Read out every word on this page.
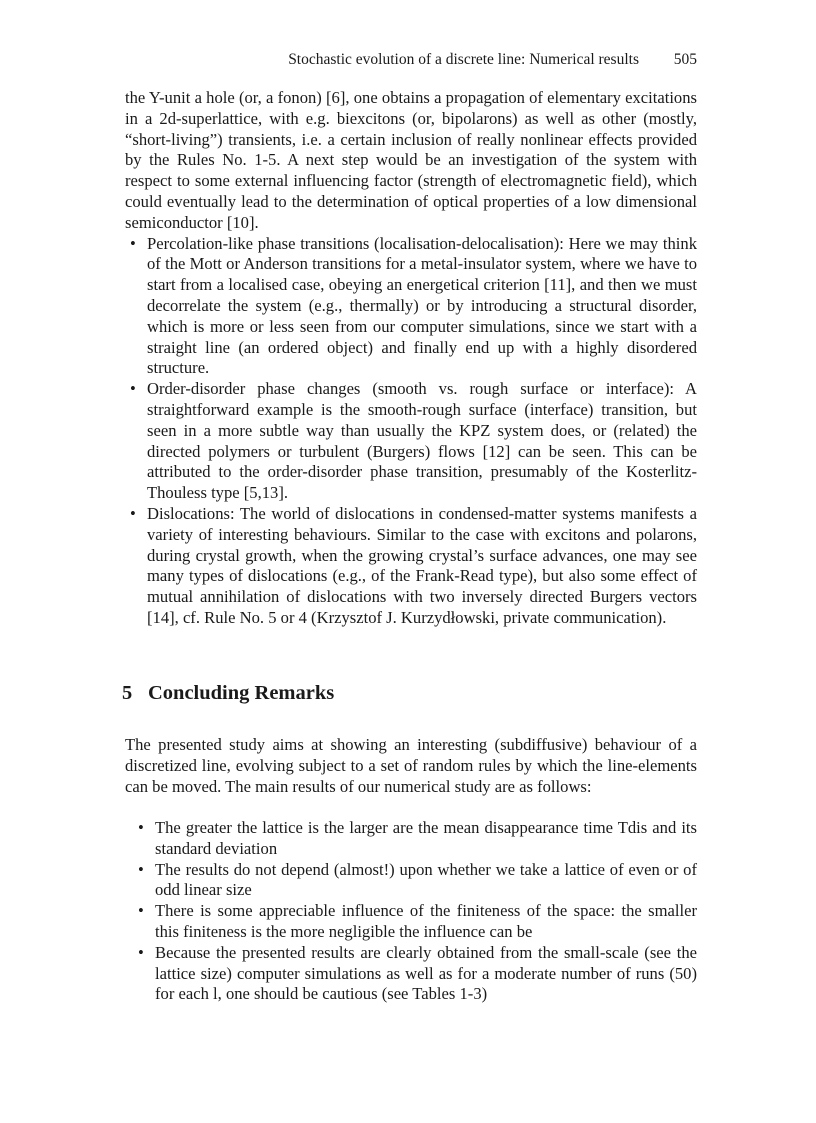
Stochastic evolution of a discrete line: Numerical results 505

the Y-unit a hole (or, a fonon) [6], one obtains a propagation of elementary excitations in a 2d-superlattice, with e.g. biexcitons (or, bipolarons) as well as other (mostly, “short-living”) transients, i.e. a certain inclusion of really nonlinear effects provided by the Rules No. 1-5. A next step would be an investigation of the system with respect to some external influencing factor (strength of electromagnetic field), which could eventually lead to the determination of optical properties of a low dimensional semiconductor [10].

• Percolation-like phase transitions (localisation-delocalisation): Here we may think of the Mott or Anderson transitions for a metal-insulator system, where we have to start from a localised case, obeying an energetical criterion [11], and then we must decorrelate the system (e.g., thermally) or by introducing a structural disorder, which is more or less seen from our computer simulations, since we start with a straight line (an ordered object) and finally end up with a highly disordered structure.
• Order-disorder phase changes (smooth vs. rough surface or interface): A straightforward example is the smooth-rough surface (interface) transition, but seen in a more subtle way than usually the KPZ system does, or (related) the directed polymers or turbulent (Burgers) flows [12] can be seen. This can be attributed to the order-disorder phase transition, presumably of the Kosterlitz-Thouless type [5,13].
• Dislocations: The world of dislocations in condensed-matter systems manifests a variety of interesting behaviours. Similar to the case with excitons and polarons, during crystal growth, when the growing crystal’s surface advances, one may see many types of dislocations (e.g., of the Frank-Read type), but also some effect of mutual annihilation of dislocations with two inversely directed Burgers vectors [14], cf. Rule No. 5 or 4 (Krzysztof J. Kurzydłowski, private communication).
5 Concluding Remarks
The presented study aims at showing an interesting (subdiffusive) behaviour of a discretized line, evolving subject to a set of random rules by which the line-elements can be moved. The main results of our numerical study are as follows:
• The greater the lattice is the larger are the mean disappearance time Tdis and its standard deviation
• The results do not depend (almost!) upon whether we take a lattice of even or of odd linear size
• There is some appreciable influence of the finiteness of the space: the smaller this finiteness is the more negligible the influence can be
• Because the presented results are clearly obtained from the small-scale (see the lattice size) computer simulations as well as for a moderate number of runs (50) for each l, one should be cautious (see Tables 1-3)
